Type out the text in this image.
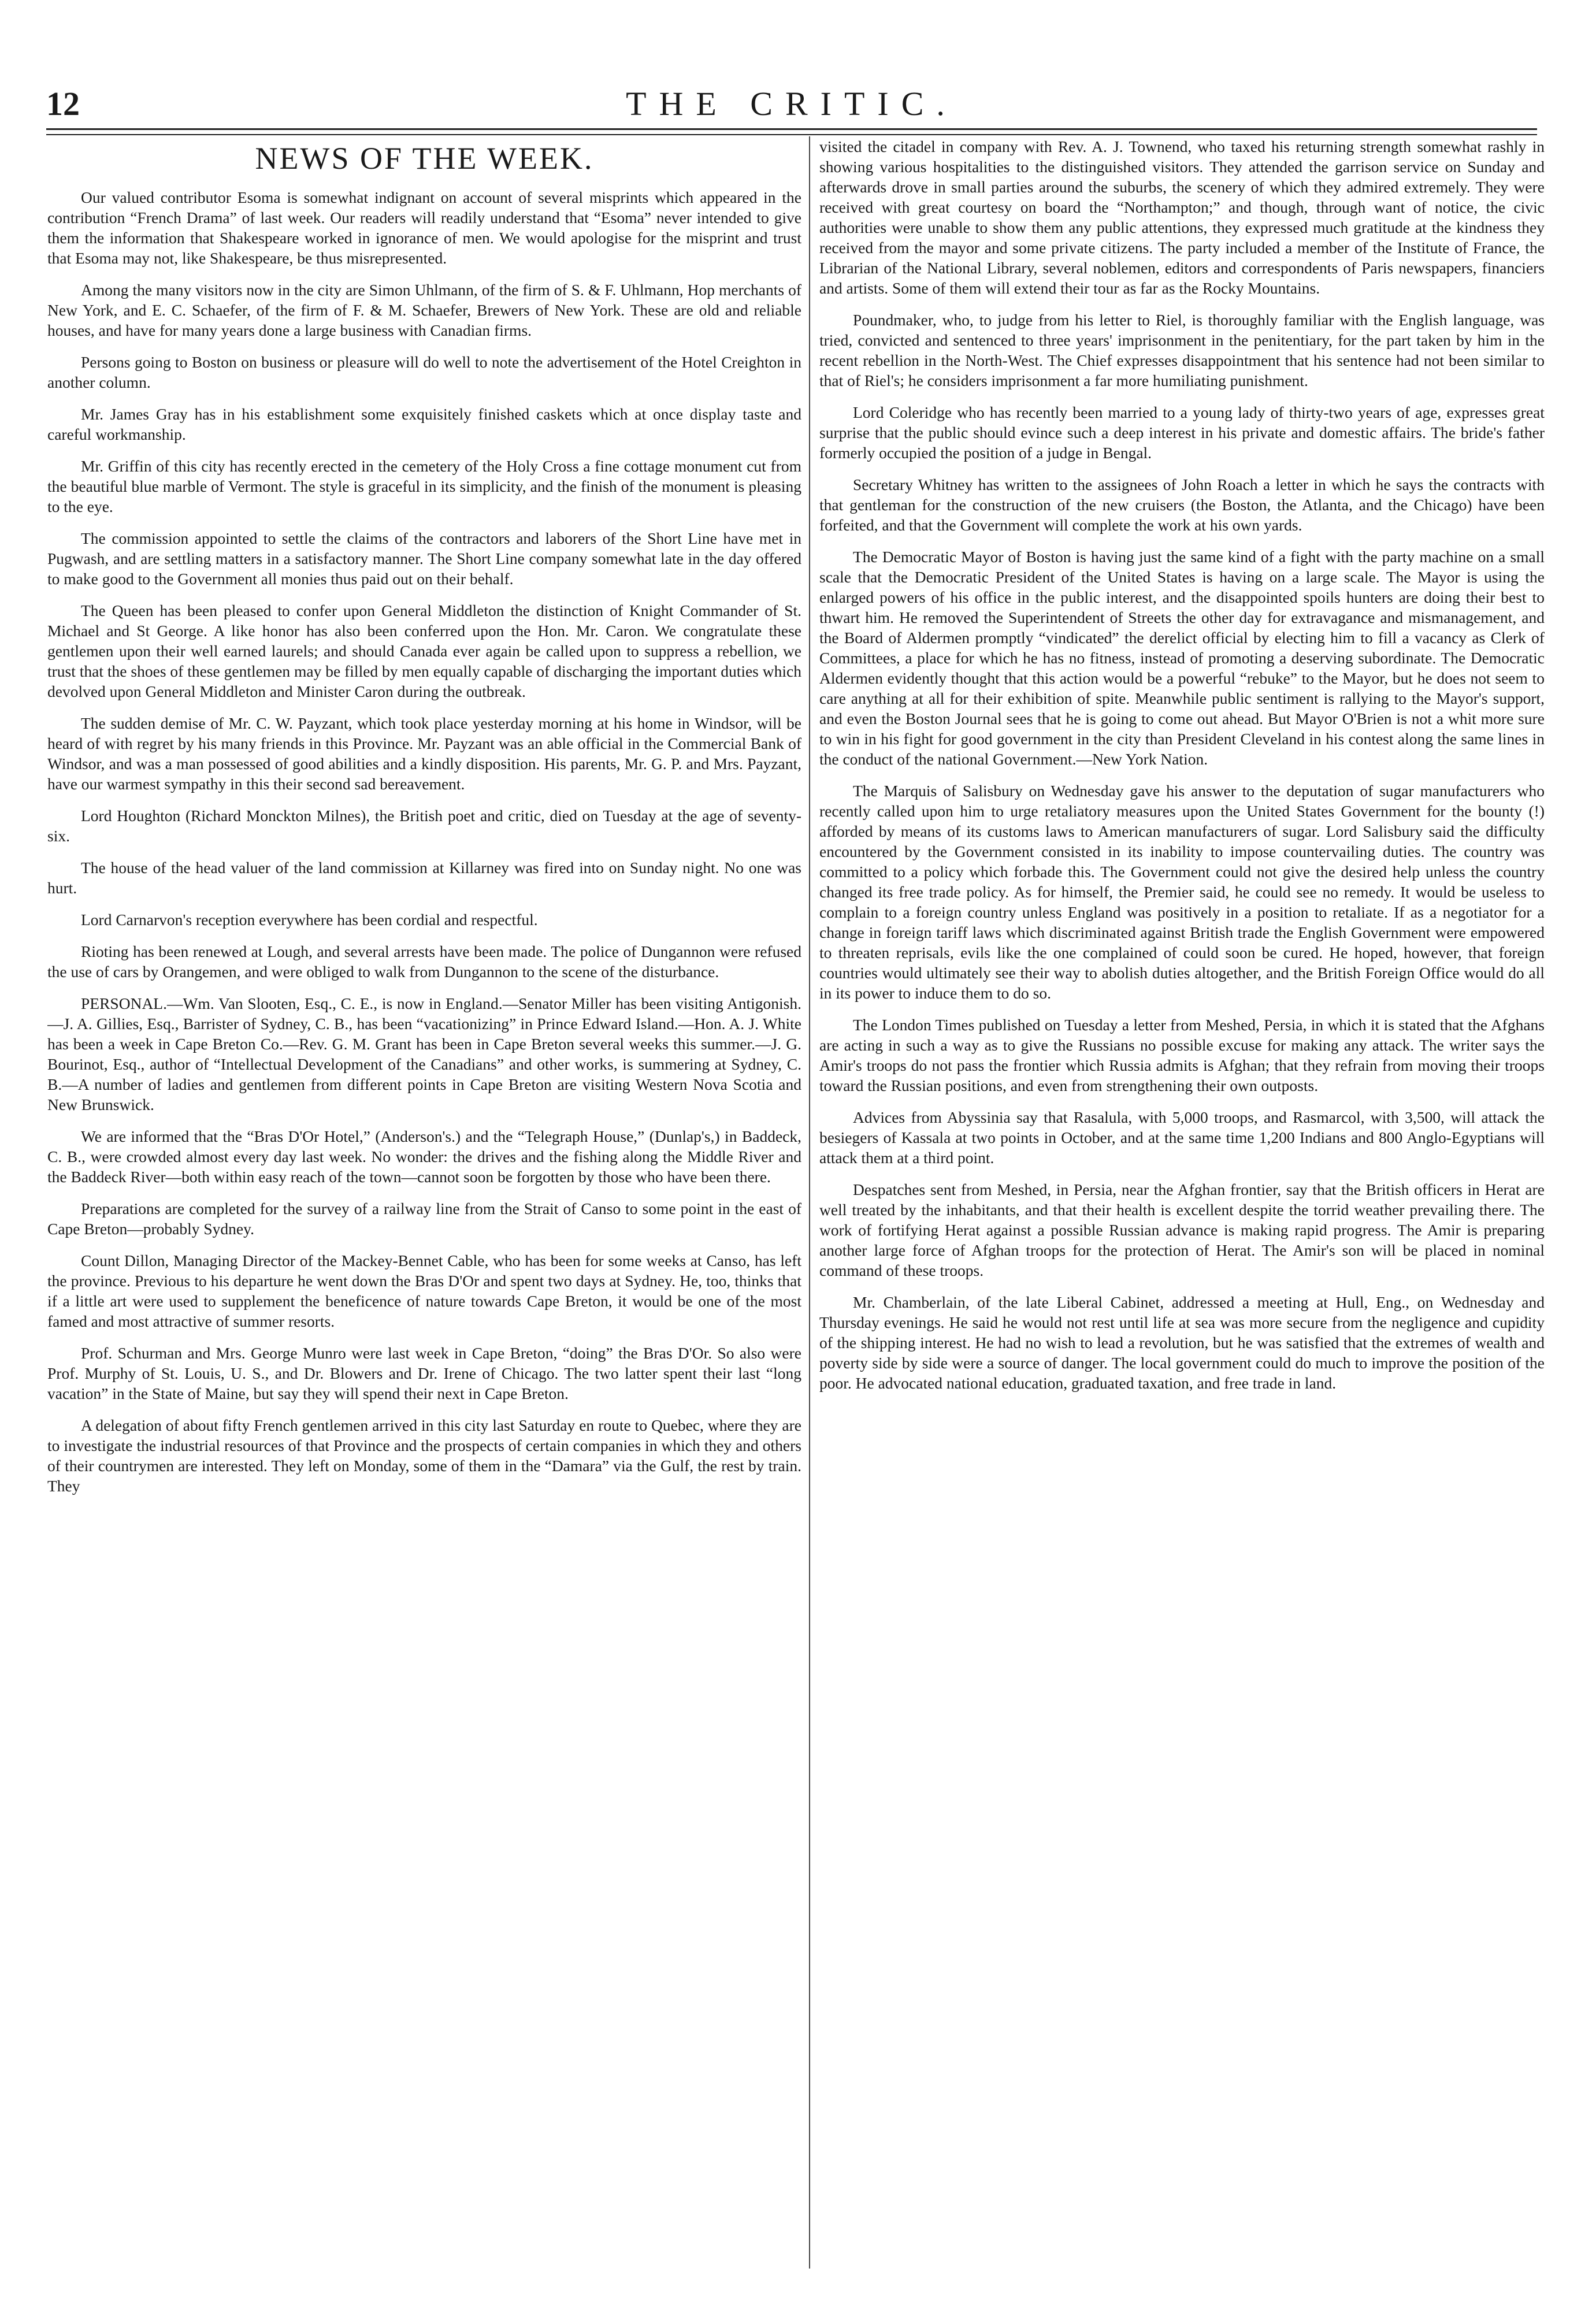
12	THE CRITIC.
NEWS OF THE WEEK.

Our valued contributor Esoma is somewhat indignant on account of several misprints which appeared in the contribution “French Drama” of last week. Our readers will readily understand that “Esoma” never intended to give them the information that Shakespeare worked in ignorance of men. We would apologise for the misprint and trust that Esoma may not, like Shakespeare, be thus misrepresented.

Among the many visitors now in the city are Simon Uhlmann, of the firm of S. & F. Uhlmann, Hop merchants of New York, and E. C. Schaefer, of the firm of F. & M. Schaefer, Brewers of New York. These are old and reliable houses, and have for many years done a large business with Canadian firms.

Persons going to Boston on business or pleasure will do well to note the advertisement of the Hotel Creighton in another column.

Mr. James Gray has in his establishment some exquisitely finished caskets which at once display taste and careful workmanship.

Mr. Griffin of this city has recently erected in the cemetery of the Holy Cross a fine cottage monument cut from the beautiful blue marble of Vermont. The style is graceful in its simplicity, and the finish of the monument is pleasing to the eye.

The commission appointed to settle the claims of the contractors and laborers of the Short Line have met in Pugwash, and are settling matters in a satisfactory manner. The Short Line company somewhat late in the day offered to make good to the Government all monies thus paid out on their behalf.

The Queen has been pleased to confer upon General Middleton the distinction of Knight Commander of St. Michael and St George. A like honor has also been conferred upon the Hon. Mr. Caron. We congratulate these gentlemen upon their well earned laurels; and should Canada ever again be called upon to suppress a rebellion, we trust that the shoes of these gentlemen may be filled by men equally capable of discharging the important duties which devolved upon General Middleton and Minister Caron during the outbreak.

The sudden demise of Mr. C. W. Payzant, which took place yesterday morning at his home in Windsor, will be heard of with regret by his many friends in this Province. Mr. Payzant was an able official in the Commercial Bank of Windsor, and was a man possessed of good abilities and a kindly disposition. His parents, Mr. G. P. and Mrs. Payzant, have our warmest sympathy in this their second sad bereavement.

Lord Houghton (Richard Monckton Milnes), the British poet and critic, died on Tuesday at the age of seventy-six.

The house of the head valuer of the land commission at Killarney was fired into on Sunday night. No one was hurt.

Lord Carnarvon's reception everywhere has been cordial and respectful.

Rioting has been renewed at Lough, and several arrests have been made. The police of Dungannon were refused the use of cars by Orangemen, and were obliged to walk from Dungannon to the scene of the disturbance.

PERSONAL.—Wm. Van Slooten, Esq., C. E., is now in England.—Senator Miller has been visiting Antigonish.—J. A. Gillies, Esq., Barrister of Sydney, C. B., has been “vacationizing” in Prince Edward Island.—Hon. A. J. White has been a week in Cape Breton Co.—Rev. G. M. Grant has been in Cape Breton several weeks this summer.—J. G. Bourinot, Esq., author of “Intellectual Development of the Canadians” and other works, is summering at Sydney, C. B.—A number of ladies and gentlemen from different points in Cape Breton are visiting Western Nova Scotia and New Brunswick.

We are informed that the “Bras D'Or Hotel,” (Anderson's.) and the “Telegraph House,” (Dunlap's,) in Baddeck, C. B., were crowded almost every day last week. No wonder: the drives and the fishing along the Middle River and the Baddeck River—both within easy reach of the town—cannot soon be forgotten by those who have been there.

Preparations are completed for the survey of a railway line from the Strait of Canso to some point in the east of Cape Breton—probably Sydney.

Count Dillon, Managing Director of the Mackey-Bennet Cable, who has been for some weeks at Canso, has left the province. Previous to his departure he went down the Bras D'Or and spent two days at Sydney. He, too, thinks that if a little art were used to supplement the beneficence of nature towards Cape Breton, it would be one of the most famed and most attractive of summer resorts.

Prof. Schurman and Mrs. George Munro were last week in Cape Breton, “doing” the Bras D'Or. So also were Prof. Murphy of St. Louis, U. S., and Dr. Blowers and Dr. Irene of Chicago. The two latter spent their last “long vacation” in the State of Maine, but say they will spend their next in Cape Breton.

A delegation of about fifty French gentlemen arrived in this city last Saturday en route to Quebec, where they are to investigate the industrial resources of that Province and the prospects of certain companies in which they and others of their countrymen are interested. They left on Monday, some of them in the “Damara” via the Gulf, the rest by train. They

visited the citadel in company with Rev. A. J. Townend, who taxed his returning strength somewhat rashly in showing various hospitalities to the distinguished visitors. They attended the garrison service on Sunday and afterwards drove in small parties around the suburbs, the scenery of which they admired extremely. They were received with great courtesy on board the “Northampton;” and though, through want of notice, the civic authorities were unable to show them any public attentions, they expressed much gratitude at the kindness they received from the mayor and some private citizens. The party included a member of the Institute of France, the Librarian of the National Library, several noblemen, editors and correspondents of Paris newspapers, financiers and artists. Some of them will extend their tour as far as the Rocky Mountains.

Poundmaker, who, to judge from his letter to Riel, is thoroughly familiar with the English language, was tried, convicted and sentenced to three years' imprisonment in the penitentiary, for the part taken by him in the recent rebellion in the North-West. The Chief expresses disappointment that his sentence had not been similar to that of Riel's; he considers imprisonment a far more humiliating punishment.

Lord Coleridge who has recently been married to a young lady of thirty-two years of age, expresses great surprise that the public should evince such a deep interest in his private and domestic affairs. The bride's father formerly occupied the position of a judge in Bengal.

Secretary Whitney has written to the assignees of John Roach a letter in which he says the contracts with that gentleman for the construction of the new cruisers (the Boston, the Atlanta, and the Chicago) have been forfeited, and that the Government will complete the work at his own yards.

The Democratic Mayor of Boston is having just the same kind of a fight with the party machine on a small scale that the Democratic President of the United States is having on a large scale. The Mayor is using the enlarged powers of his office in the public interest, and the disappointed spoils hunters are doing their best to thwart him. He removed the Superintendent of Streets the other day for extravagance and mismanagement, and the Board of Aldermen promptly “vindicated” the derelict official by electing him to fill a vacancy as Clerk of Committees, a place for which he has no fitness, instead of promoting a deserving subordinate. The Democratic Aldermen evidently thought that this action would be a powerful “rebuke” to the Mayor, but he does not seem to care anything at all for their exhibition of spite. Meanwhile public sentiment is rallying to the Mayor's support, and even the Boston Journal sees that he is going to come out ahead. But Mayor O'Brien is not a whit more sure to win in his fight for good government in the city than President Cleveland in his contest along the same lines in the conduct of the national Government.—New York Nation.

The Marquis of Salisbury on Wednesday gave his answer to the deputation of sugar manufacturers who recently called upon him to urge retaliatory measures upon the United States Government for the bounty (!) afforded by means of its customs laws to American manufacturers of sugar. Lord Salisbury said the difficulty encountered by the Government consisted in its inability to impose countervailing duties. The country was committed to a policy which forbade this. The Government could not give the desired help unless the country changed its free trade policy. As for himself, the Premier said, he could see no remedy. It would be useless to complain to a foreign country unless England was positively in a position to retaliate. If as a negotiator for a change in foreign tariff laws which discriminated against British trade the English Government were empowered to threaten reprisals, evils like the one complained of could soon be cured. He hoped, however, that foreign countries would ultimately see their way to abolish duties altogether, and the British Foreign Office would do all in its power to induce them to do so.

The London Times published on Tuesday a letter from Meshed, Persia, in which it is stated that the Afghans are acting in such a way as to give the Russians no possible excuse for making any attack. The writer says the Amir's troops do not pass the frontier which Russia admits is Afghan; that they refrain from moving their troops toward the Russian positions, and even from strengthening their own outposts.

Advices from Abyssinia say that Rasalula, with 5,000 troops, and Rasmarcol, with 3,500, will attack the besiegers of Kassala at two points in October, and at the same time 1,200 Indians and 800 Anglo-Egyptians will attack them at a third point.

Despatches sent from Meshed, in Persia, near the Afghan frontier, say that the British officers in Herat are well treated by the inhabitants, and that their health is excellent despite the torrid weather prevailing there. The work of fortifying Herat against a possible Russian advance is making rapid progress. The Amir is preparing another large force of Afghan troops for the protection of Herat. The Amir's son will be placed in nominal command of these troops.

Mr. Chamberlain, of the late Liberal Cabinet, addressed a meeting at Hull, Eng., on Wednesday and Thursday evenings. He said he would not rest until life at sea was more secure from the negligence and cupidity of the shipping interest. He had no wish to lead a revolution, but he was satisfied that the extremes of wealth and poverty side by side were a source of danger. The local government could do much to improve the position of the poor. He advocated national education, graduated taxation, and free trade in land.
